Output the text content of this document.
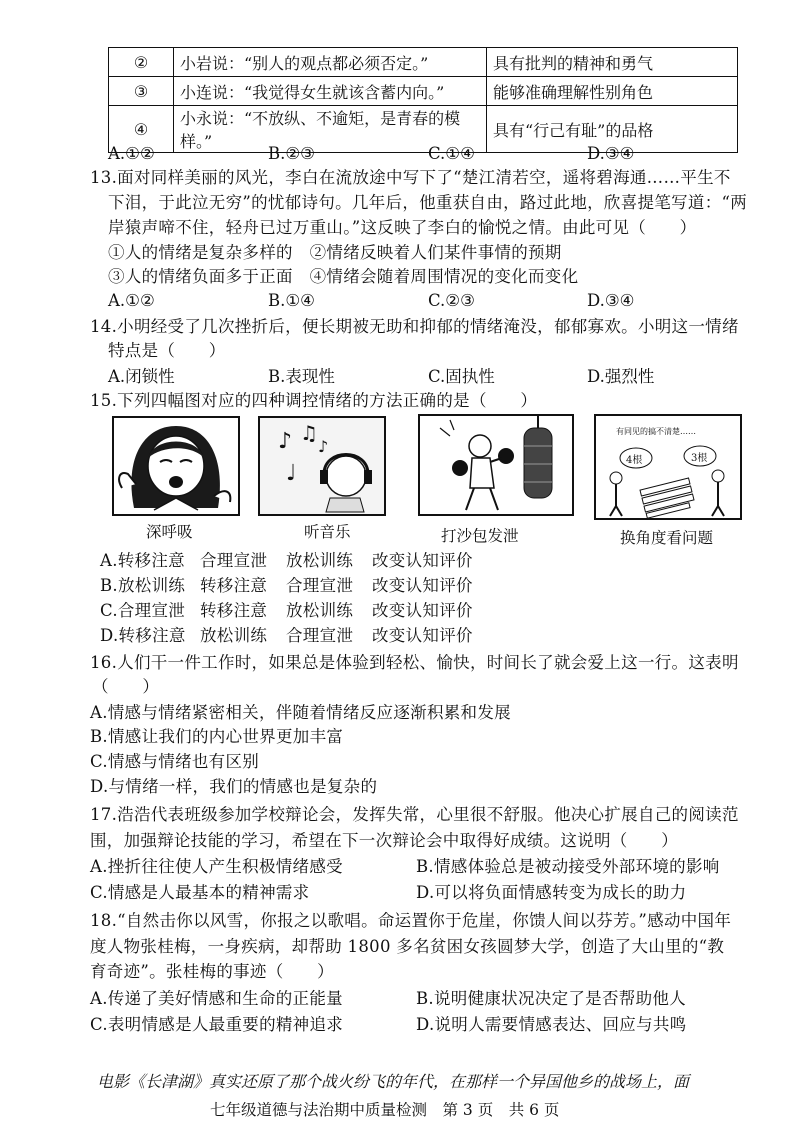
②	小岩说：“别人的观点都必须否定。”	具有批判的精神和勇气
③	小连说：“我觉得女生就该含蓄内向。”	能够准确理解性别角色
④	小永说：“不放纵、不逾矩，是青春的模样。”	具有“行己有耻”的品格
A.①②	B.②③	C.①④	D.③④
13.面对同样美丽的风光，李白在流放途中写下了“楚江清若空，遥将碧海通……平生不
下泪，于此泣无穷”的忧郁诗句。几年后，他重获自由，路过此地，欣喜提笔写道：“两
岸猿声啼不住，轻舟已过万重山。”这反映了李白的愉悦之情。由此可见（　　）
①人的情绪是复杂多样的　②情绪反映着人们某件事情的预期
③人的情绪负面多于正面　④情绪会随着周围情况的变化而变化
A.①②	B.①④	C.②③	D.③④
14.小明经受了几次挫折后，便长期被无助和抑郁的情绪淹没，郁郁寡欢。小明这一情绪
特点是（　　）
A.闭锁性	B.表现性	C.固执性	D.强烈性
15.下列四幅图对应的四种调控情绪的方法正确的是（　　）
深呼吸
♪ ♫
♩
♪
听音乐	打沙包发泄
有同见的搞不清楚……
4根	3根
换角度看问题
A.转移注意 合理宣泄 放松训练 改变认知评价
B.放松训练 转移注意 合理宣泄 改变认知评价
C.合理宣泄 转移注意 放松训练 改变认知评价
D.转移注意 放松训练 合理宣泄 改变认知评价
16.人们干一件工作时，如果总是体验到轻松、愉快，时间长了就会爱上这一行。这表明
（　　）
A.情感与情绪紧密相关，伴随着情绪反应逐渐积累和发展
B.情感让我们的内心世界更加丰富
C.情感与情绪也有区别
D.与情绪一样，我们的情感也是复杂的
17.浩浩代表班级参加学校辩论会，发挥失常，心里很不舒服。他决心扩展自己的阅读范
围，加强辩论技能的学习，希望在下一次辩论会中取得好成绩。这说明（　　）
A.挫折往往使人产生积极情绪感受	B.情感体验总是被动接受外部环境的影响
C.情感是人最基本的精神需求	D.可以将负面情感转变为成长的助力
18.“自然击你以风雪，你报之以歌唱。命运置你于危崖，你馈人间以芬芳。”感动中国年
度人物张桂梅，一身疾病，却帮助 1800 多名贫困女孩圆梦大学，创造了大山里的“教
育奇迹”。张桂梅的事迹（　　）
A.传递了美好情感和生命的正能量	B.说明健康状况决定了是否帮助他人
C.表明情感是人最重要的精神追求	D.说明人需要情感表达、回应与共鸣
电影《长津湖》真实还原了那个战火纷飞的年代，在那样一个异国他乡的战场上，面
七年级道德与法治期中质量检测　第 3 页　共 6 页
